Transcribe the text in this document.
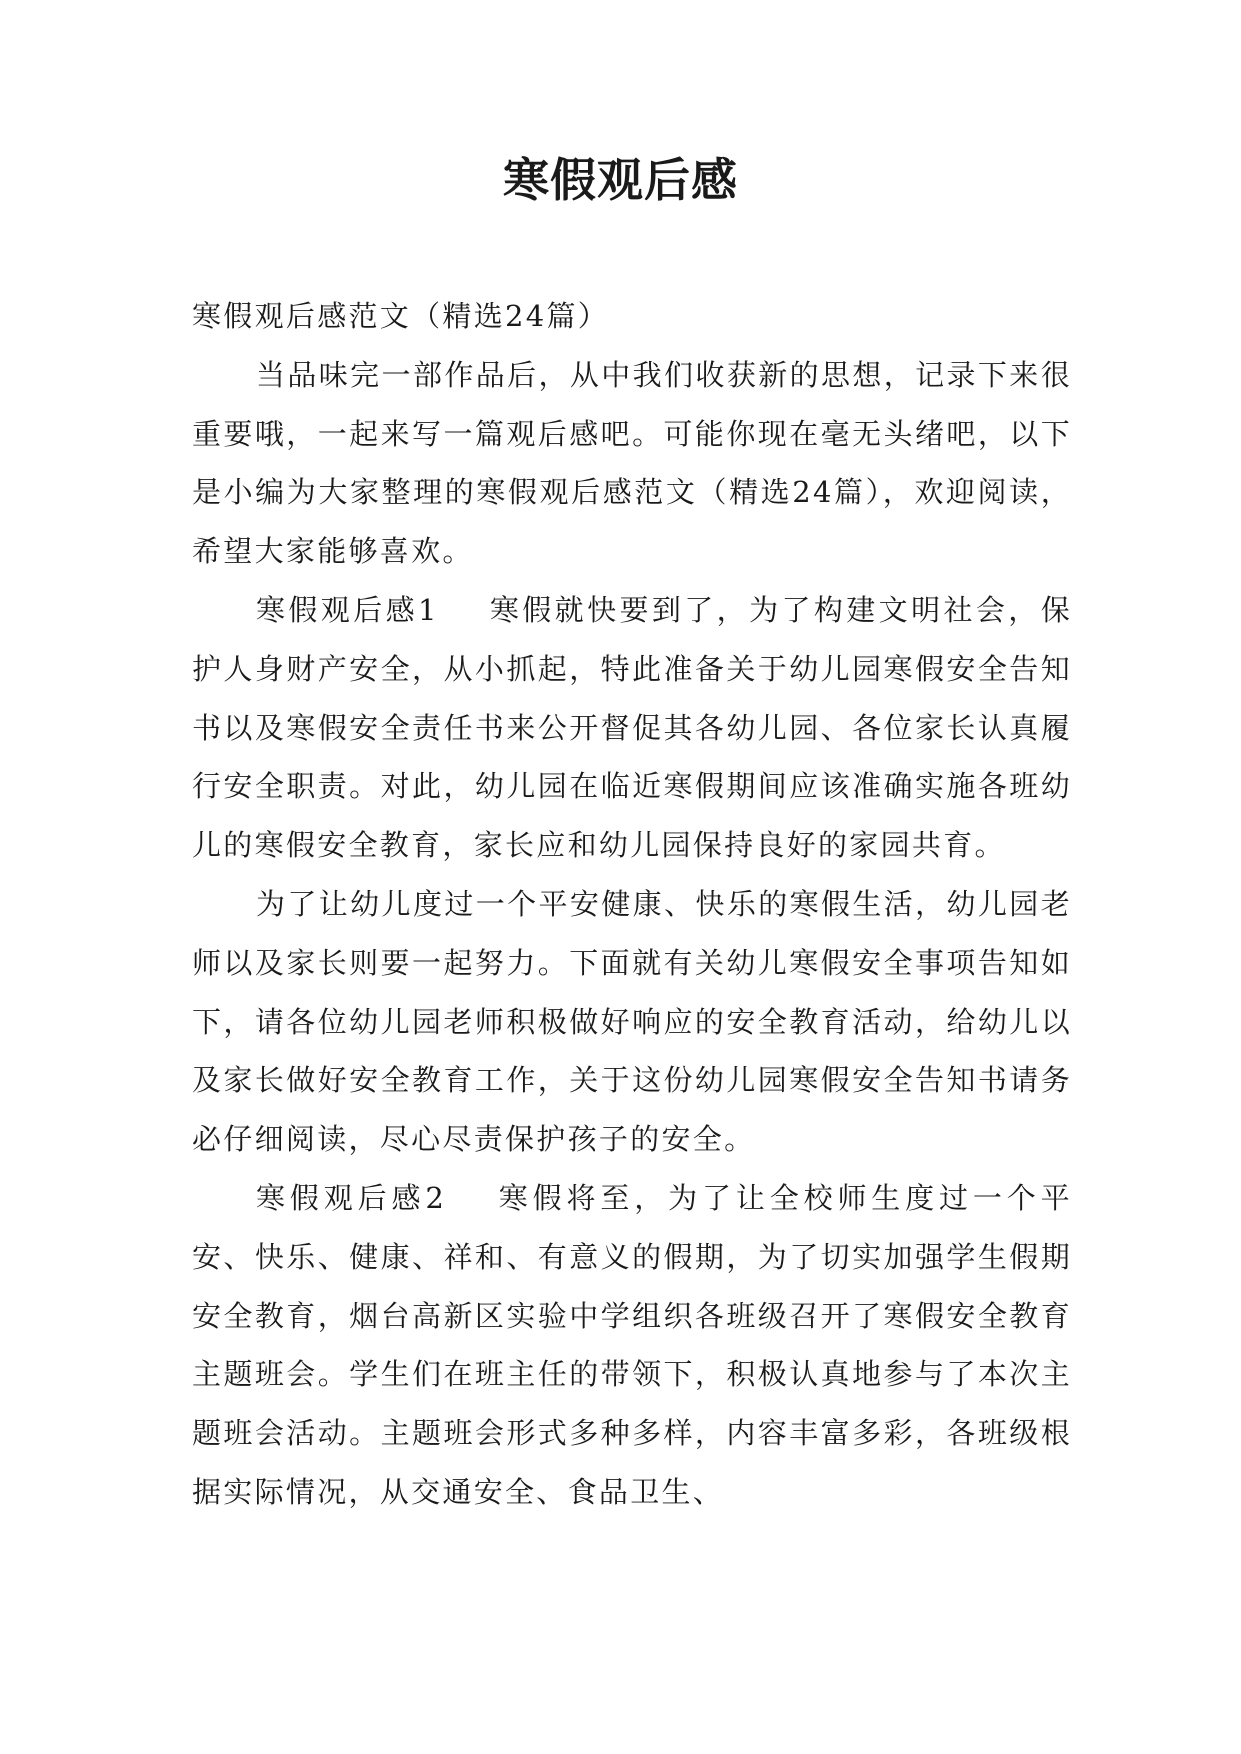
寒假观后感

寒假观后感范文（精选24篇）

当品味完一部作品后，从中我们收获新的思想，记录下来很重要哦，一起来写一篇观后感吧。可能你现在毫无头绪吧，以下是小编为大家整理的寒假观后感范文（精选24篇），欢迎阅读，希望大家能够喜欢。

寒假观后感1 寒假就快要到了，为了构建文明社会，保护人身财产安全，从小抓起，特此准备关于幼儿园寒假安全告知书以及寒假安全责任书来公开督促其各幼儿园、各位家长认真履行安全职责。对此，幼儿园在临近寒假期间应该准确实施各班幼儿的寒假安全教育，家长应和幼儿园保持良好的家园共育。

为了让幼儿度过一个平安健康、快乐的寒假生活，幼儿园老师以及家长则要一起努力。下面就有关幼儿寒假安全事项告知如下，请各位幼儿园老师积极做好响应的安全教育活动，给幼儿以及家长做好安全教育工作，关于这份幼儿园寒假安全告知书请务必仔细阅读，尽心尽责保护孩子的安全。

寒假观后感2 寒假将至，为了让全校师生度过一个平安、快乐、健康、祥和、有意义的假期，为了切实加强学生假期安全教育，烟台高新区实验中学组织各班级召开了寒假安全教育主题班会。学生们在班主任的带领下，积极认真地参与了本次主题班会活动。主题班会形式多种多样，内容丰富多彩，各班级根据实际情况，从交通安全、食品卫生、
